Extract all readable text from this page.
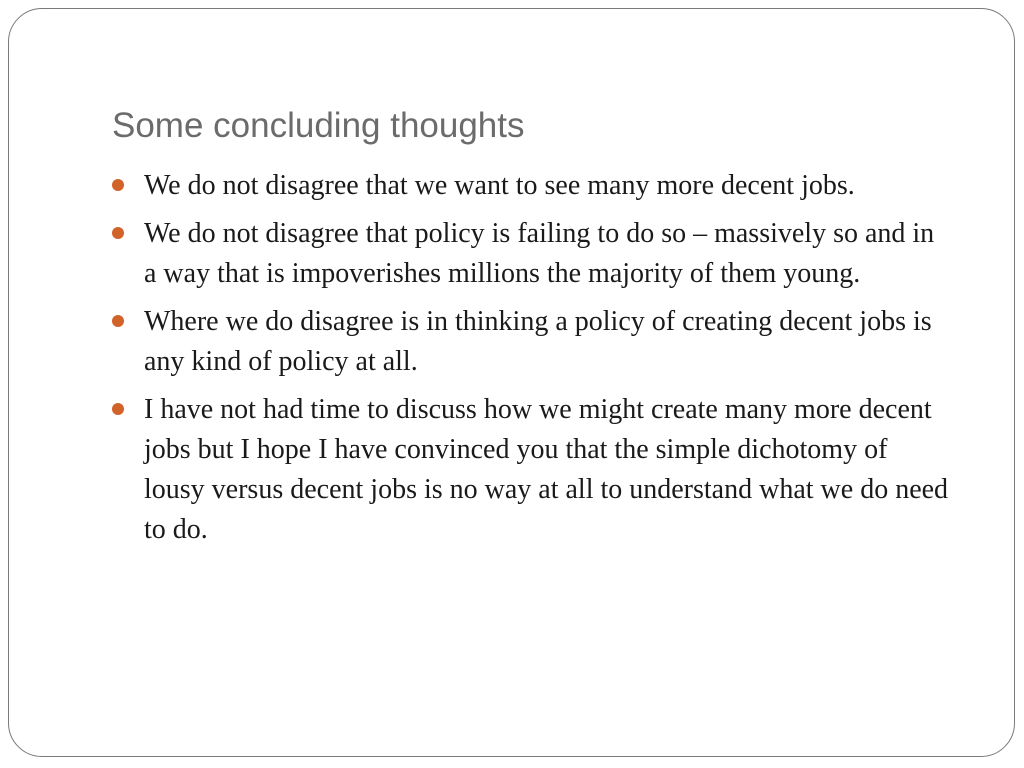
Some concluding thoughts
We do not disagree that we want to see many more decent jobs.
We do not disagree that policy is failing to do so – massively so and in a way that is impoverishes millions the majority of them young.
Where we do disagree is in thinking a policy of creating decent jobs is any kind of policy at all.
I have not had time to discuss how we might create many more decent jobs but I hope I have convinced you that the simple dichotomy of lousy versus decent jobs is no way at all to understand what we do need to do.
